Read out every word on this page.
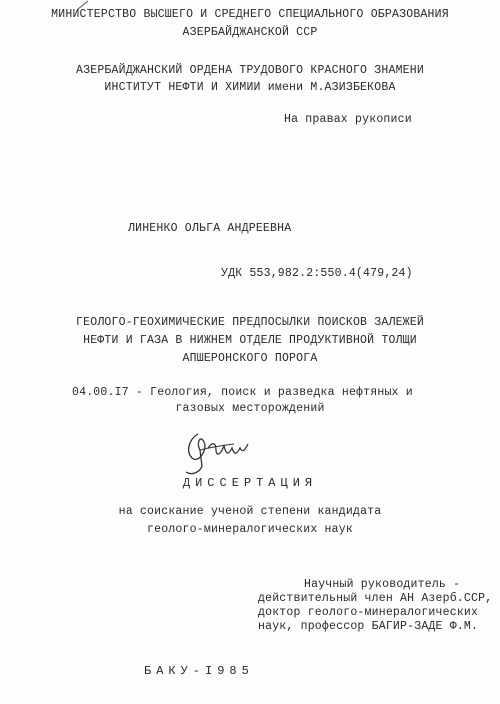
МИНИСТЕРСТВО ВЫСШЕГО И СРЕДНЕГО СПЕЦИАЛЬНОГО ОБРАЗОВАНИЯ
АЗЕРБАЙДЖАНСКОЙ ССР
АЗЕРБАЙДЖАНСКИЙ ОРДЕНА ТРУДОВОГО КРАСНОГО ЗНАМЕНИ
ИНСТИТУТ НЕФТИ И ХИМИИ имени М.АЗИЗБЕКОВА
На правах рукописи
ЛИНЕНКО ОЛЬГА АНДРЕЕВНА
УДК 553,982.2:550.4(479,24)
ГЕОЛОГО-ГЕОХИМИЧЕСКИЕ ПРЕДПОСЫЛКИ ПОИСКОВ ЗАЛЕЖЕЙ
НЕФТИ И ГАЗА В НИЖНЕМ ОТДЕЛЕ ПРОДУКТИВНОЙ ТОЛЩИ
АПШЕРОНСКОГО ПОРОГА
04.00.I7 - Геология, поиск и разведка нефтяных и
газовых месторождений
ДИССЕРТАЦИЯ
на соискание ученой степени кандидата
геолого-минералогических наук
Научный руководитель -
действительный член АН Азерб.ССР,
доктор геолого-минералогических
наук, профессор БАГИР-ЗАДЕ Ф.М.
БАКУ-I985
